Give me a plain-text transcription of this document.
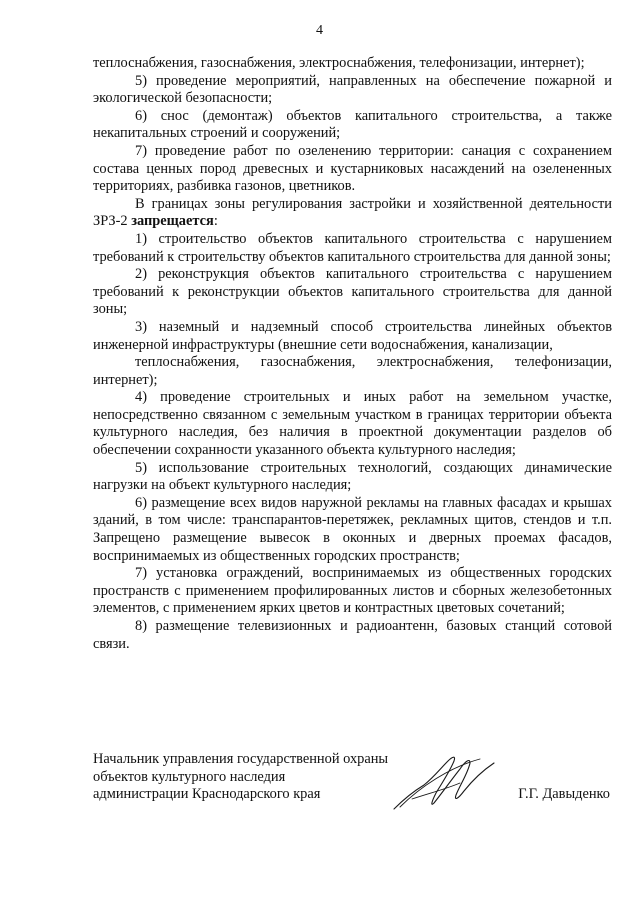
4

теплоснабжения, газоснабжения, электроснабжения, телефонизации, интернет);

5) проведение мероприятий, направленных на обеспечение пожарной и экологической безопасности;

6) снос (демонтаж) объектов капитального строительства, а также некапитальных строений и сооружений;

7) проведение работ по озеленению территории: санация с сохранением состава ценных пород древесных и кустарниковых насаждений на озелененных территориях, разбивка газонов, цветников.

В границах зоны регулирования застройки и хозяйственной деятельности ЗРЗ-2 запрещается:

1) строительство объектов капитального строительства с нарушением требований к строительству объектов капитального строительства для данной зоны;

2) реконструкция объектов капитального строительства с нарушением требований к реконструкции объектов капитального строительства для данной зоны;

3) наземный и надземный способ строительства линейных объектов инженерной инфраструктуры (внешние сети водоснабжения, канализации,

теплоснабжения, газоснабжения, электроснабжения, телефонизации, интернет);

4) проведение строительных и иных работ на земельном участке, непосредственно связанном с земельным участком в границах территории объекта культурного наследия, без наличия в проектной документации разделов об обеспечении сохранности указанного объекта культурного наследия;

5) использование строительных технологий, создающих динамические нагрузки на объект культурного наследия;

6) размещение всех видов наружной рекламы на главных фасадах и крышах зданий, в том числе: транспарантов-перетяжек, рекламных щитов, стендов и т.п. Запрещено размещение вывесок в оконных и дверных проемах фасадов, воспринимаемых из общественных городских пространств;

7) установка ограждений, воспринимаемых из общественных городских пространств с применением профилированных листов и сборных железобетонных элементов, с применением ярких цветов и контрастных цветовых сочетаний;

8) размещение телевизионных и радиоантенн, базовых станций сотовой связи.

Начальник управления государственной охраны
объектов культурного наследия
администрации Краснодарского края	Г.Г. Давыденко
